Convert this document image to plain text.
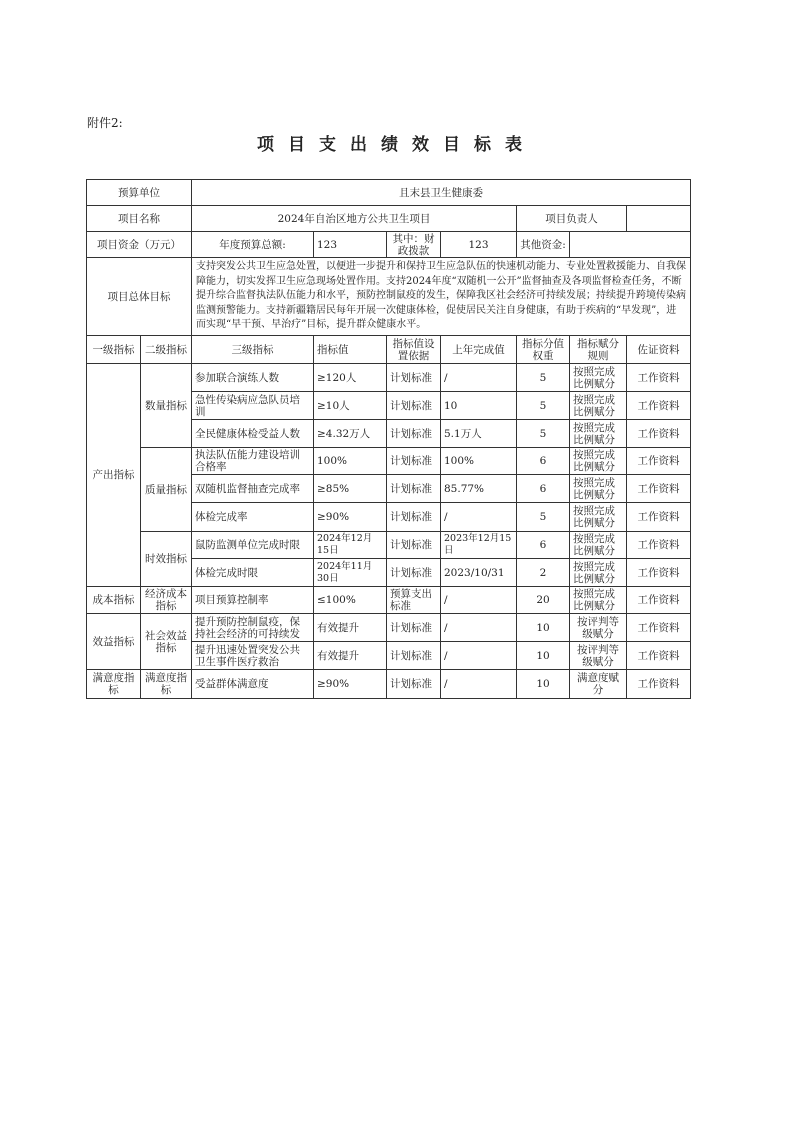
附件2:
项目支出绩效目标表
预算单位		且末县卫生健康委						
项目名称		2024年自治区地方公共卫生项目				项目负责人		
项目资金（万元）		年度预算总额:	123	其中：财政拨款	123	其他资金:		
项目总体目标		支持突发公共卫生应急处置，以便进一步提升和保持卫生应急队伍的快速机动能力、专业处置救援能力、自我保障能力，切实发挥卫生应急现场处置作用。支持2024年度“双随机一公开”监督抽查及各项监督检查任务，不断提升综合监督执法队伍能力和水平，预防控制鼠疫的发生，保障我区社会经济可持续发展；持续提升跨境传染病监测预警能力。支持新疆籍居民每年开展一次健康体检，促使居民关注自身健康，有助于疾病的“早发现”，进而实现“早干预、早治疗”目标，提升群众健康水平。						
一级指标	二级指标	三级指标	指标值	指标值设置依据	上年完成值	指标分值权重	指标赋分规则	佐证资料
产出指标	数量指标	参加联合演练人数	≥120人	计划标准	/	5	按照完成比例赋分	工作资料
		急性传染病应急队员培训	≥10人	计划标准	10	5	按照完成比例赋分	工作资料
		全民健康体检受益人数	≥4.32万人	计划标准	5.1万人	5	按照完成比例赋分	工作资料
	质量指标	执法队伍能力建设培训合格率	100%	计划标准	100%	6	按照完成比例赋分	工作资料
		双随机监督抽查完成率	≥85%	计划标准	85.77%	6	按照完成比例赋分	工作资料
		体检完成率	≥90%	计划标准	/	5	按照完成比例赋分	工作资料
	时效指标	鼠防监测单位完成时限	2024年12月15日	计划标准	2023年12月15日	6	按照完成比例赋分	工作资料
		体检完成时限	2024年11月30日	计划标准	2023/10/31	2	按照完成比例赋分	工作资料
成本指标	经济成本指标	项目预算控制率	≤100%	预算支出标准	/	20	按照完成比例赋分	工作资料
效益指标	社会效益指标	提升预防控制鼠疫，保持社会经济的可持续发	有效提升	计划标准	/	10	按评判等级赋分	工作资料
		提升迅速处置突发公共卫生事件医疗救治	有效提升	计划标准	/	10	按评判等级赋分	工作资料
满意度指标	满意度指标	受益群体满意度	≥90%	计划标准	/	10	满意度赋分	工作资料
